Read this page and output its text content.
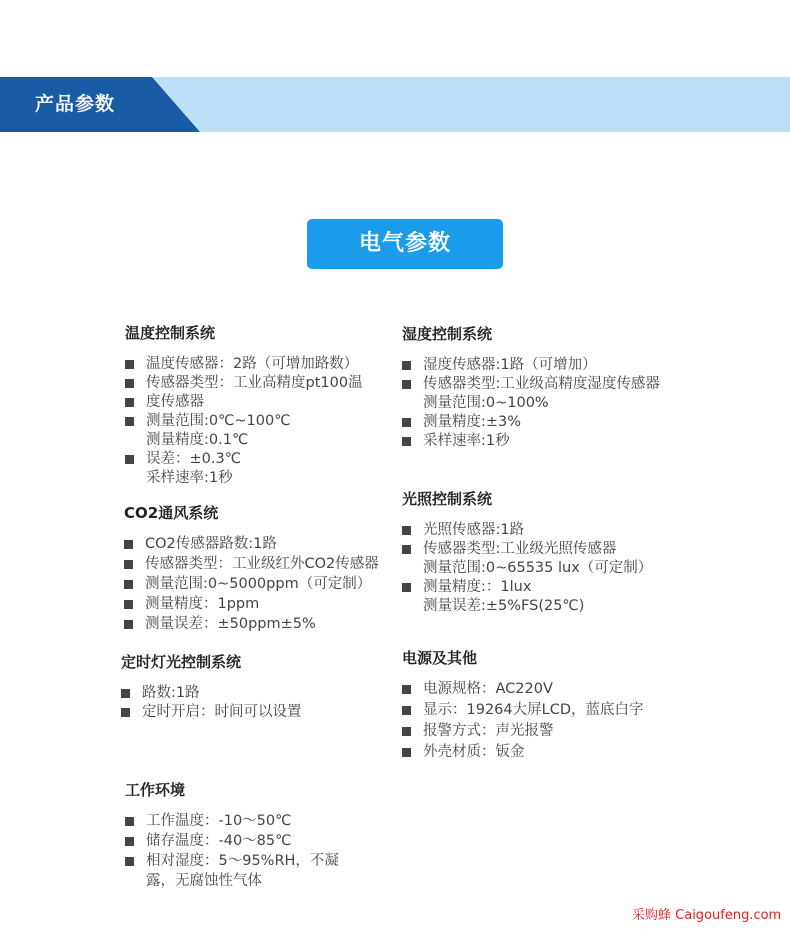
产品参数
电气参数
温度控制系统
温度传感器：2路（可增加路数）
传感器类型：工业高精度pt100温
度传感器
测量范围:0℃~100℃
测量精度:0.1℃
误差：±0.3℃
采样速率:1秒
湿度控制系统
湿度传感器:1路（可增加）
传感器类型:工业级高精度湿度传感器
测量范围:0~100%
测量精度:±3%
采样速率:1秒
CO2通风系统
CO2传感器路数:1路
传感器类型：工业级红外CO2传感器
测量范围:0~5000ppm（可定制）
测量精度：1ppm
测量误差：±50ppm±5%
光照控制系统
光照传感器:1路
传感器类型:工业级光照传感器
测量范围:0~65535 lux（可定制）
测量精度:：1lux
测量误差:±5%FS(25℃)
定时灯光控制系统
路数:1路
定时开启：时间可以设置
电源及其他
电源规格：AC220V
显示：19264大屏LCD，蓝底白字
报警方式：声光报警
外壳材质：钣金
工作环境
工作温度：-10～50℃
储存温度：-40～85℃
相对湿度：5～95%RH，不凝
露，无腐蚀性气体
采购蜂 Caigoufeng.com
